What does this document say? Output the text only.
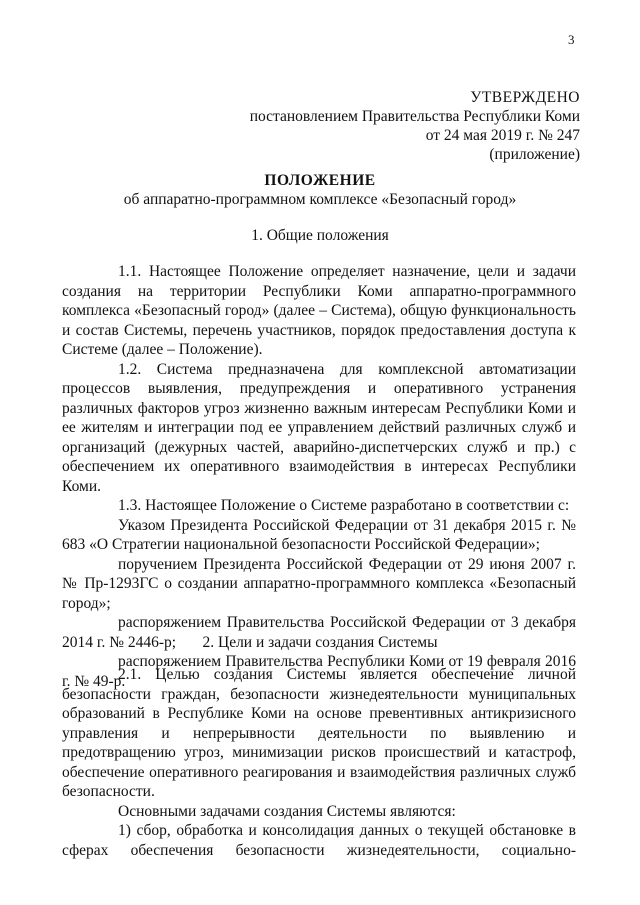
3
УТВЕРЖДЕНО
постановлением Правительства Республики Коми
от 24 мая 2019 г. № 247
(приложение)
ПОЛОЖЕНИЕ
об аппаратно-программном комплексе «Безопасный город»
1. Общие положения

1.1. Настоящее Положение определяет назначение, цели и задачи создания на территории Республики Коми аппаратно-программного комплекса «Безопасный город» (далее – Система), общую функциональность и состав Системы, перечень участников, порядок предоставления доступа к Системе (далее – Положение).

1.2. Система предназначена для комплексной автоматизации процессов выявления, предупреждения и оперативного устранения различных факторов угроз жизненно важным интересам Республики Коми и ее жителям и интеграции под ее управлением действий различных служб и организаций (дежурных частей, аварийно-диспетчерских служб и пр.) с обеспечением их оперативного взаимодействия в интересах Республики Коми.

1.3. Настоящее Положение о Системе разработано в соответствии с:

Указом Президента Российской Федерации от 31 декабря 2015 г. № 683 «О Стратегии национальной безопасности Российской Федерации»;

поручением Президента Российской Федерации от 29 июня 2007 г. № Пр-1293ГС о создании аппаратно-программного комплекса «Безопасный город»;

распоряжением Правительства Российской Федерации от 3 декабря 2014 г. № 2446-р;

распоряжением Правительства Республики Коми от 19 февраля 2016 г. № 49-р.

2. Цели и задачи создания Системы

2.1. Целью создания Системы является обеспечение личной безопасности граждан, безопасности жизнедеятельности муниципальных образований в Республике Коми на основе превентивных антикризисного управления и непрерывности деятельности по выявлению и предотвращению угроз, минимизации рисков происшествий и катастроф, обеспечение оперативного реагирования и взаимодействия различных служб безопасности.

Основными задачами создания Системы являются:

1) сбор, обработка и консолидация данных о текущей обстановке в сферах обеспечения безопасности жизнедеятельности, социально-
